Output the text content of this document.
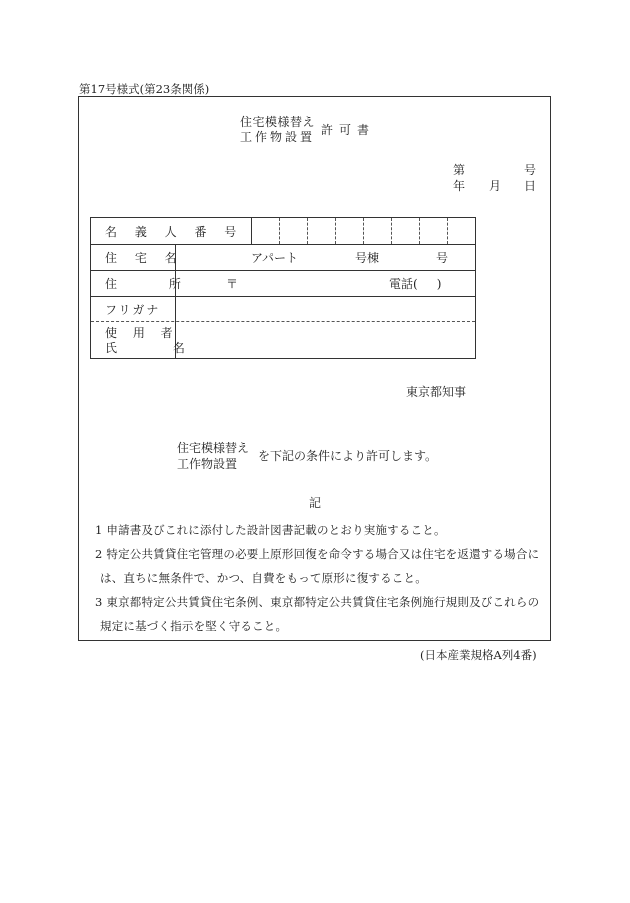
第17号様式(第23条関係)
住宅模様替え
工作物設置 許可書
第	号
年 月 日
名 義 人 番 号
住 宅 名	アパート	号棟	号
住 所 〒	電話(     )
フリガナ
使 用 者
氏 名
東京都知事
住宅模様替え
工作物設置
を下記の条件により許可します。
記
1 申請書及びこれに添付した設計図書記載のとおり実施すること。
2 特定公共賃貸住宅管理の必要上原形回復を命令する場合又は住宅を返還する場合に
は、直ちに無条件で、かつ、自費をもって原形に復すること。
3 東京都特定公共賃貸住宅条例、東京都特定公共賃貸住宅条例施行規則及びこれらの
規定に基づく指示を堅く守ること。
(日本産業規格A列4番)
